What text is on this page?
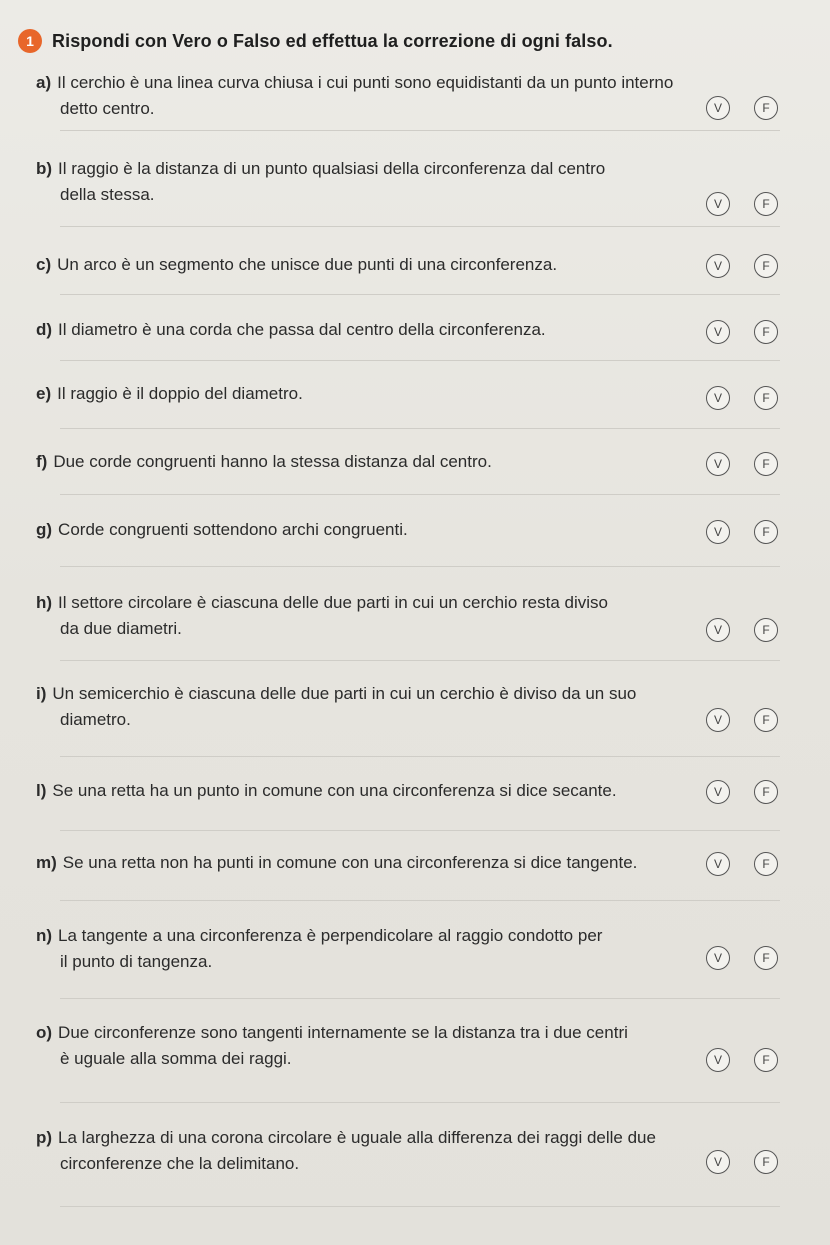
1	Rispondi con Vero o Falso ed effettua la correzione di ogni falso.
a) Il cerchio è una linea curva chiusa i cui punti sono equidistanti da un punto interno
detto centro.	V	F
b) Il raggio è la distanza di un punto qualsiasi della circonferenza dal centro
della stessa.	V	F
c) Un arco è un segmento che unisce due punti di una circonferenza.	V	F
d) Il diametro è una corda che passa dal centro della circonferenza.	V	F
e) Il raggio è il doppio del diametro.	V	F
f) Due corde congruenti hanno la stessa distanza dal centro.	V	F
g) Corde congruenti sottendono archi congruenti.	V	F
h) Il settore circolare è ciascuna delle due parti in cui un cerchio resta diviso
da due diametri.	V	F
i) Un semicerchio è ciascuna delle due parti in cui un cerchio è diviso da un suo
diametro.	V	F
l) Se una retta ha un punto in comune con una circonferenza si dice secante.	V	F
m) Se una retta non ha punti in comune con una circonferenza si dice tangente.	V	F
n) La tangente a una circonferenza è perpendicolare al raggio condotto per
il punto di tangenza.	V	F
o) Due circonferenze sono tangenti internamente se la distanza tra i due centri
è uguale alla somma dei raggi.	V	F
p) La larghezza di una corona circolare è uguale alla differenza dei raggi delle due
circonferenze che la delimitano.	V	F
